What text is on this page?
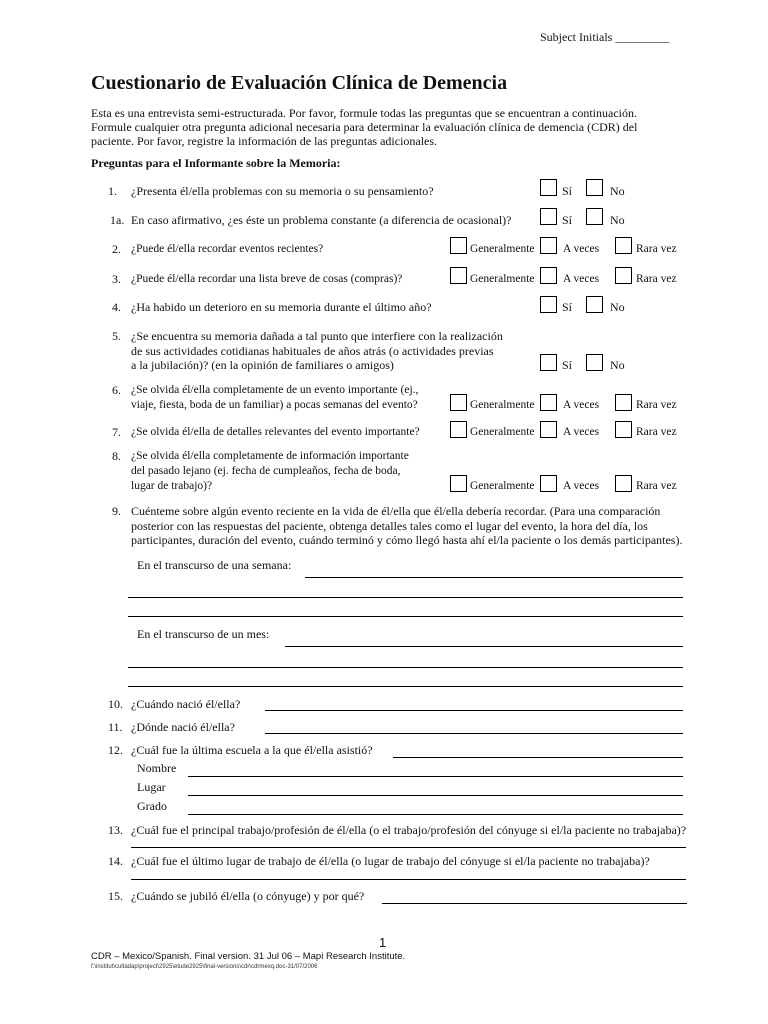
Subject Initials _________
Cuestionario de Evaluación Clínica de Demencia
Esta es una entrevista semi-estructurada. Por favor, formule todas las preguntas que se encuentran a continuación.
Formule cualquier otra pregunta adicional necesaria para determinar la evaluación clínica de demencia (CDR) del
paciente. Por favor, registre la información de las preguntas adicionales.
Preguntas para el Informante sobre la Memoria:
1. ¿Presenta él/ella problemas con su memoria o su pensamiento?	Sí	No
1a. En caso afirmativo, ¿es éste un problema constante (a diferencia de ocasional)?	Sí	No
2. ¿Puede él/ella recordar eventos recientes?	Generalmente A veces	Rara vez
3. ¿Puede él/ella recordar una lista breve de cosas (compras)?	Generalmente A veces	Rara vez
4. ¿Ha habido un deterioro en su memoria durante el último año?	Sí	No
5. ¿Se encuentra su memoria dañada a tal punto que interfiere con la realización
de sus actividades cotidianas habituales de años atrás (o actividades previas
a la jubilación)? (en la opinión de familiares o amigos)	Sí	No
6. ¿Se olvida él/ella completamente de un evento importante (ej.,
viaje, fiesta, boda de un familiar) a pocas semanas del evento?	Generalmente A veces	Rara vez
7. ¿Se olvida él/ella de detalles relevantes del evento importante?	Generalmente A veces	Rara vez
8. ¿Se olvida él/ella completamente de información importante
del pasado lejano (ej. fecha de cumpleaños, fecha de boda,
lugar de trabajo)?	Generalmente A veces	Rara vez
9. Cuénteme sobre algún evento reciente en la vida de él/ella que él/ella debería recordar. (Para una comparación
posterior con las respuestas del paciente, obtenga detalles tales como el lugar del evento, la hora del día, los
participantes, duración del evento, cuándo terminó y cómo llegó hasta ahí el/la paciente o los demás participantes).
En el transcurso de una semana:
En el transcurso de un mes:
10. ¿Cuándo nació él/ella?
11. ¿Dónde nació él/ella?
12. ¿Cuál fue la última escuela a la que él/ella asistió?
Nombre
Lugar
Grado
13. ¿Cuál fue el principal trabajo/profesión de él/ella (o el trabajo/profesión del cónyuge si el/la paciente no trabajaba)?
14. ¿Cuál fue el último lugar de trabajo de él/ella (o lugar de trabajo del cónyuge si el/la paciente no trabajaba)?
15. ¿Cuándo se jubiló él/ella (o cónyuge) y por qué?
1
CDR – Mexico/Spanish. Final version. 31 Jul 06 – Mapi Research Institute.
f:\institut\cultadap\project\2925\etude2925\final-versions\cdr\cdrmexq.doc-31/07/2006
